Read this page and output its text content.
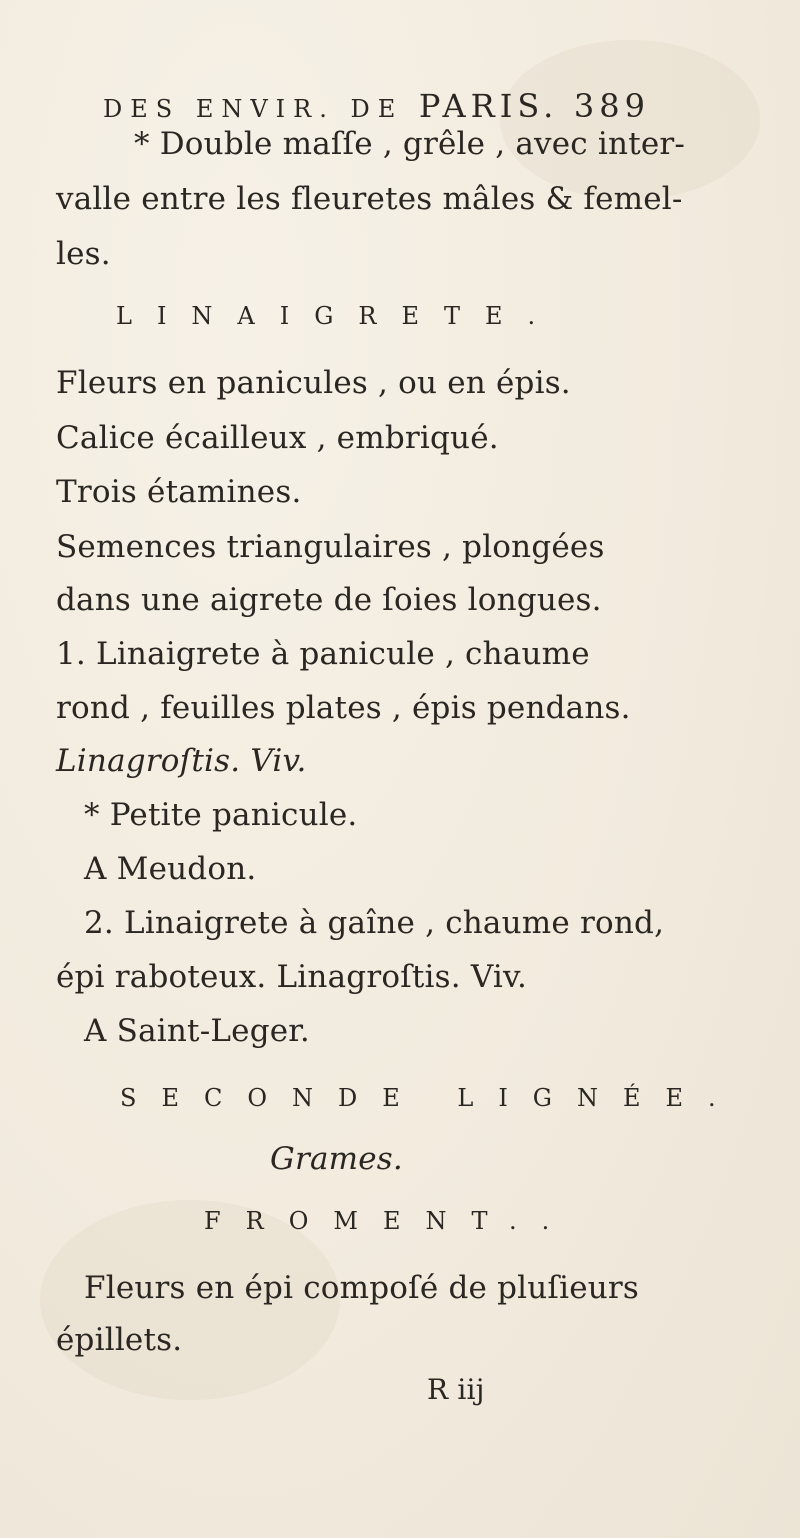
DES ENVIR. DE PARIS. 389
* Double maſſe , grêle , avec inter-
valle entre les fleuretes mâles & femel-
les.
LINAIGRETE.
Fleurs en panicules , ou en épis.
Calice écailleux , embriqué.
Trois étamines.
Semences triangulaires , plongées
dans une aigrete de ſoies longues.
1. Linaigrete à panicule , chaume
rond , feuilles plates , épis pendans.
Linagroſtis. Viv.
* Petite panicule.
A Meudon.
2. Linaigrete à gaîne , chaume rond,
épi raboteux. Linagroſtis. Viv.
A Saint-Leger.
SECONDE LIGNÉE.
Grames.
FROMENT..
Fleurs en épi compoſé de pluſieurs
épillets.
R iij
